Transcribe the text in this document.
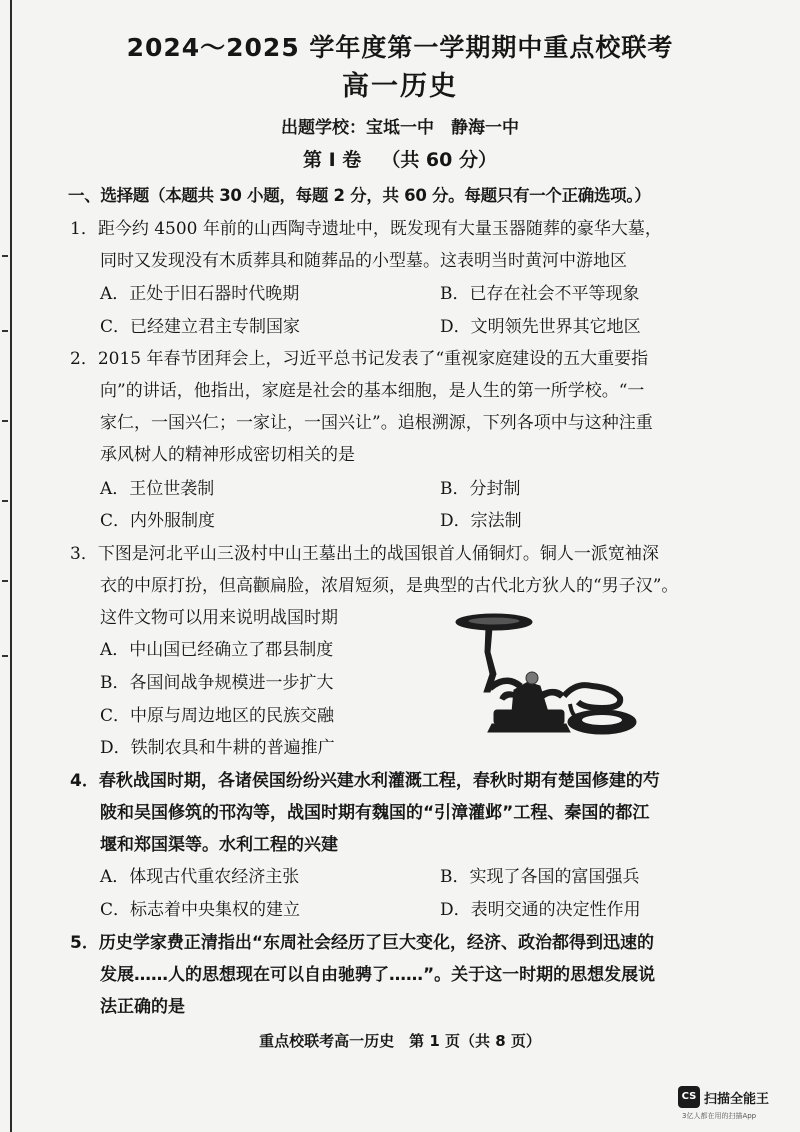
2024～2025 学年度第一学期期中重点校联考
高一历史
出题学校：宝坻一中　静海一中
第 I 卷 （共 60 分）
一、选择题（本题共 30 小题，每题 2 分，共 60 分。每题只有一个正确选项。）
1．距今约 4500 年前的山西陶寺遗址中，既发现有大量玉器随葬的豪华大墓，
同时又发现没有木质葬具和随葬品的小型墓。这表明当时黄河中游地区
A．正处于旧石器时代晚期	B．已存在社会不平等现象
C．已经建立君主专制国家	D．文明领先世界其它地区
2．2015 年春节团拜会上，习近平总书记发表了“重视家庭建设的五大重要指
向”的讲话，他指出，家庭是社会的基本细胞，是人生的第一所学校。“一
家仁，一国兴仁；一家让，一国兴让”。追根溯源，下列各项中与这种注重
承风树人的精神形成密切相关的是
A．王位世袭制	B．分封制
C．内外服制度	D．宗法制
3．下图是河北平山三汲村中山王墓出土的战国银首人俑铜灯。铜人一派宽袖深
衣的中原打扮，但高颧扁脸，浓眉短须，是典型的古代北方狄人的“男子汉”。
这件文物可以用来说明战国时期
A．中山国已经确立了郡县制度
B．各国间战争规模进一步扩大
C．中原与周边地区的民族交融
D．铁制农具和牛耕的普遍推广
4．春秋战国时期，各诸侯国纷纷兴建水利灌溉工程，春秋时期有楚国修建的芍
陂和吴国修筑的邗沟等，战国时期有魏国的“引漳灌邺”工程、秦国的都江
堰和郑国渠等。水利工程的兴建
A．体现古代重农经济主张	B．实现了各国的富国强兵
C．标志着中央集权的建立	D．表明交通的决定性作用
5．历史学家费正清指出“东周社会经历了巨大变化，经济、政治都得到迅速的
发展……人的思想现在可以自由驰骋了……”。关于这一时期的思想发展说
法正确的是
重点校联考高一历史　第 1 页（共 8 页）
CS 扫描全能王
3亿人都在用的扫描App
